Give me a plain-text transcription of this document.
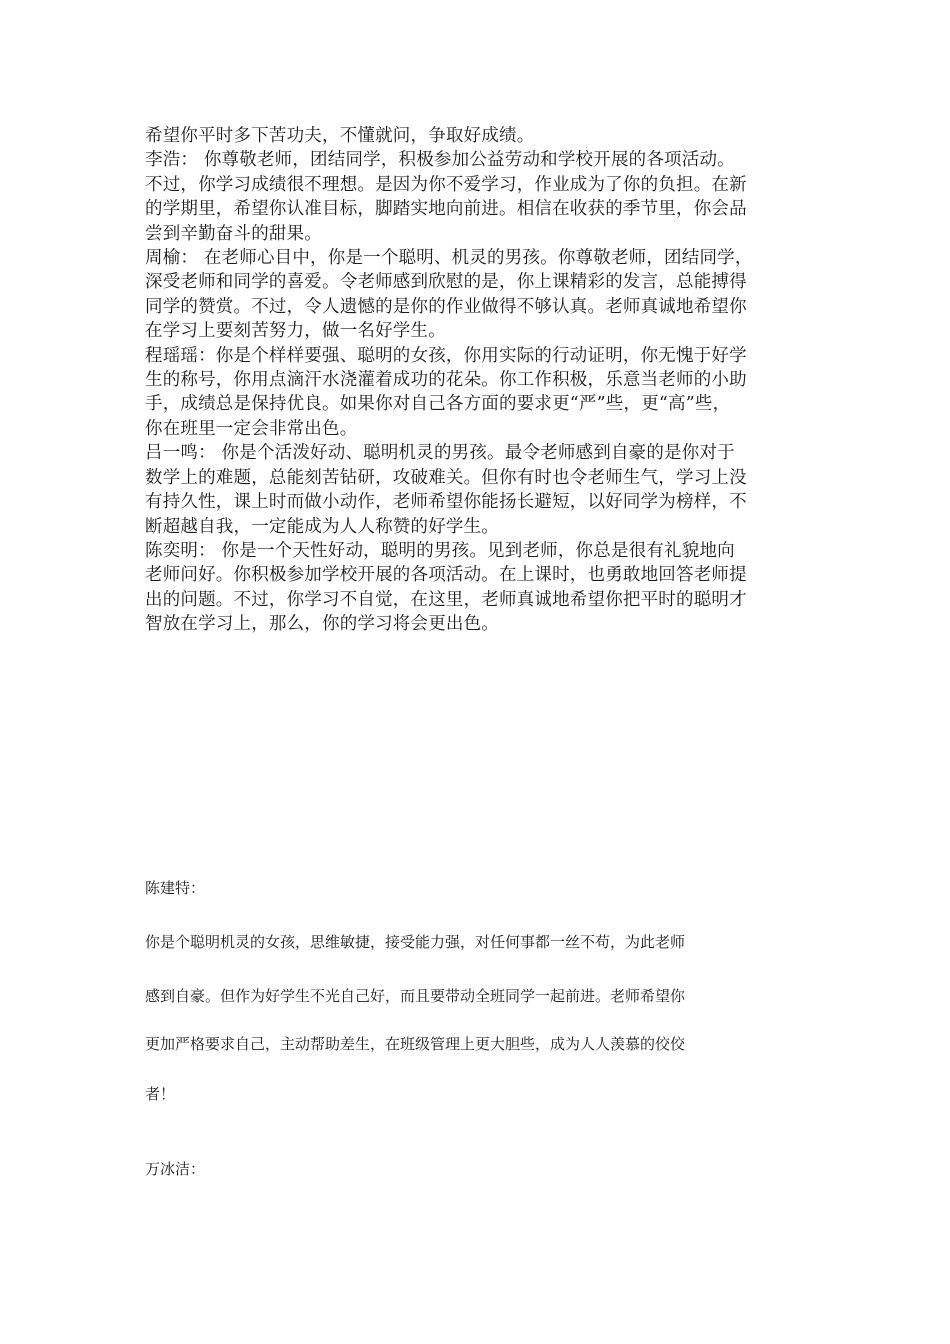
希望你平时多下苦功夫，不懂就问，争取好成绩。

李浩： 你尊敬老师，团结同学，积极参加公益劳动和学校开展的各项活动。

不过，你学习成绩很不理想。是因为你不爱学习，作业成为了你的负担。在新

的学期里，希望你认准目标，脚踏实地向前进。相信在收获的季节里，你会品

尝到辛勤奋斗的甜果。

周榆： 在老师心目中，你是一个聪明、机灵的男孩。你尊敬老师，团结同学，

深受老师和同学的喜爱。令老师感到欣慰的是，你上课精彩的发言，总能搏得

同学的赞赏。不过，令人遗憾的是你的作业做得不够认真。老师真诚地希望你

在学习上要刻苦努力，做一名好学生。

程瑶瑶：你是个样样要强、聪明的女孩，你用实际的行动证明，你无愧于好学

生的称号，你用点滴汗水浇灌着成功的花朵。你工作积极，乐意当老师的小助

手，成绩总是保持优良。如果你对自己各方面的要求更“严”些，更“高”些，

你在班里一定会非常出色。

吕一鸣： 你是个活泼好动、聪明机灵的男孩。最令老师感到自豪的是你对于

数学上的难题，总能刻苦钻研，攻破难关。但你有时也令老师生气，学习上没

有持久性，课上时而做小动作，老师希望你能扬长避短，以好同学为榜样，不

断超越自我，一定能成为人人称赞的好学生。

陈奕明： 你是一个天性好动，聪明的男孩。见到老师，你总是很有礼貌地向

老师问好。你积极参加学校开展的各项活动。在上课时，也勇敢地回答老师提

出的问题。不过，你学习不自觉，在这里，老师真诚地希望你把平时的聪明才

智放在学习上，那么，你的学习将会更出色。

陈建特：

你是个聪明机灵的女孩，思维敏捷，接受能力强，对任何事都一丝不苟，为此老师

感到自豪。但作为好学生不光自己好，而且要带动全班同学一起前进。老师希望你

更加严格要求自己，主动帮助差生，在班级管理上更大胆些，成为人人羡慕的佼佼

者！

万冰洁：
